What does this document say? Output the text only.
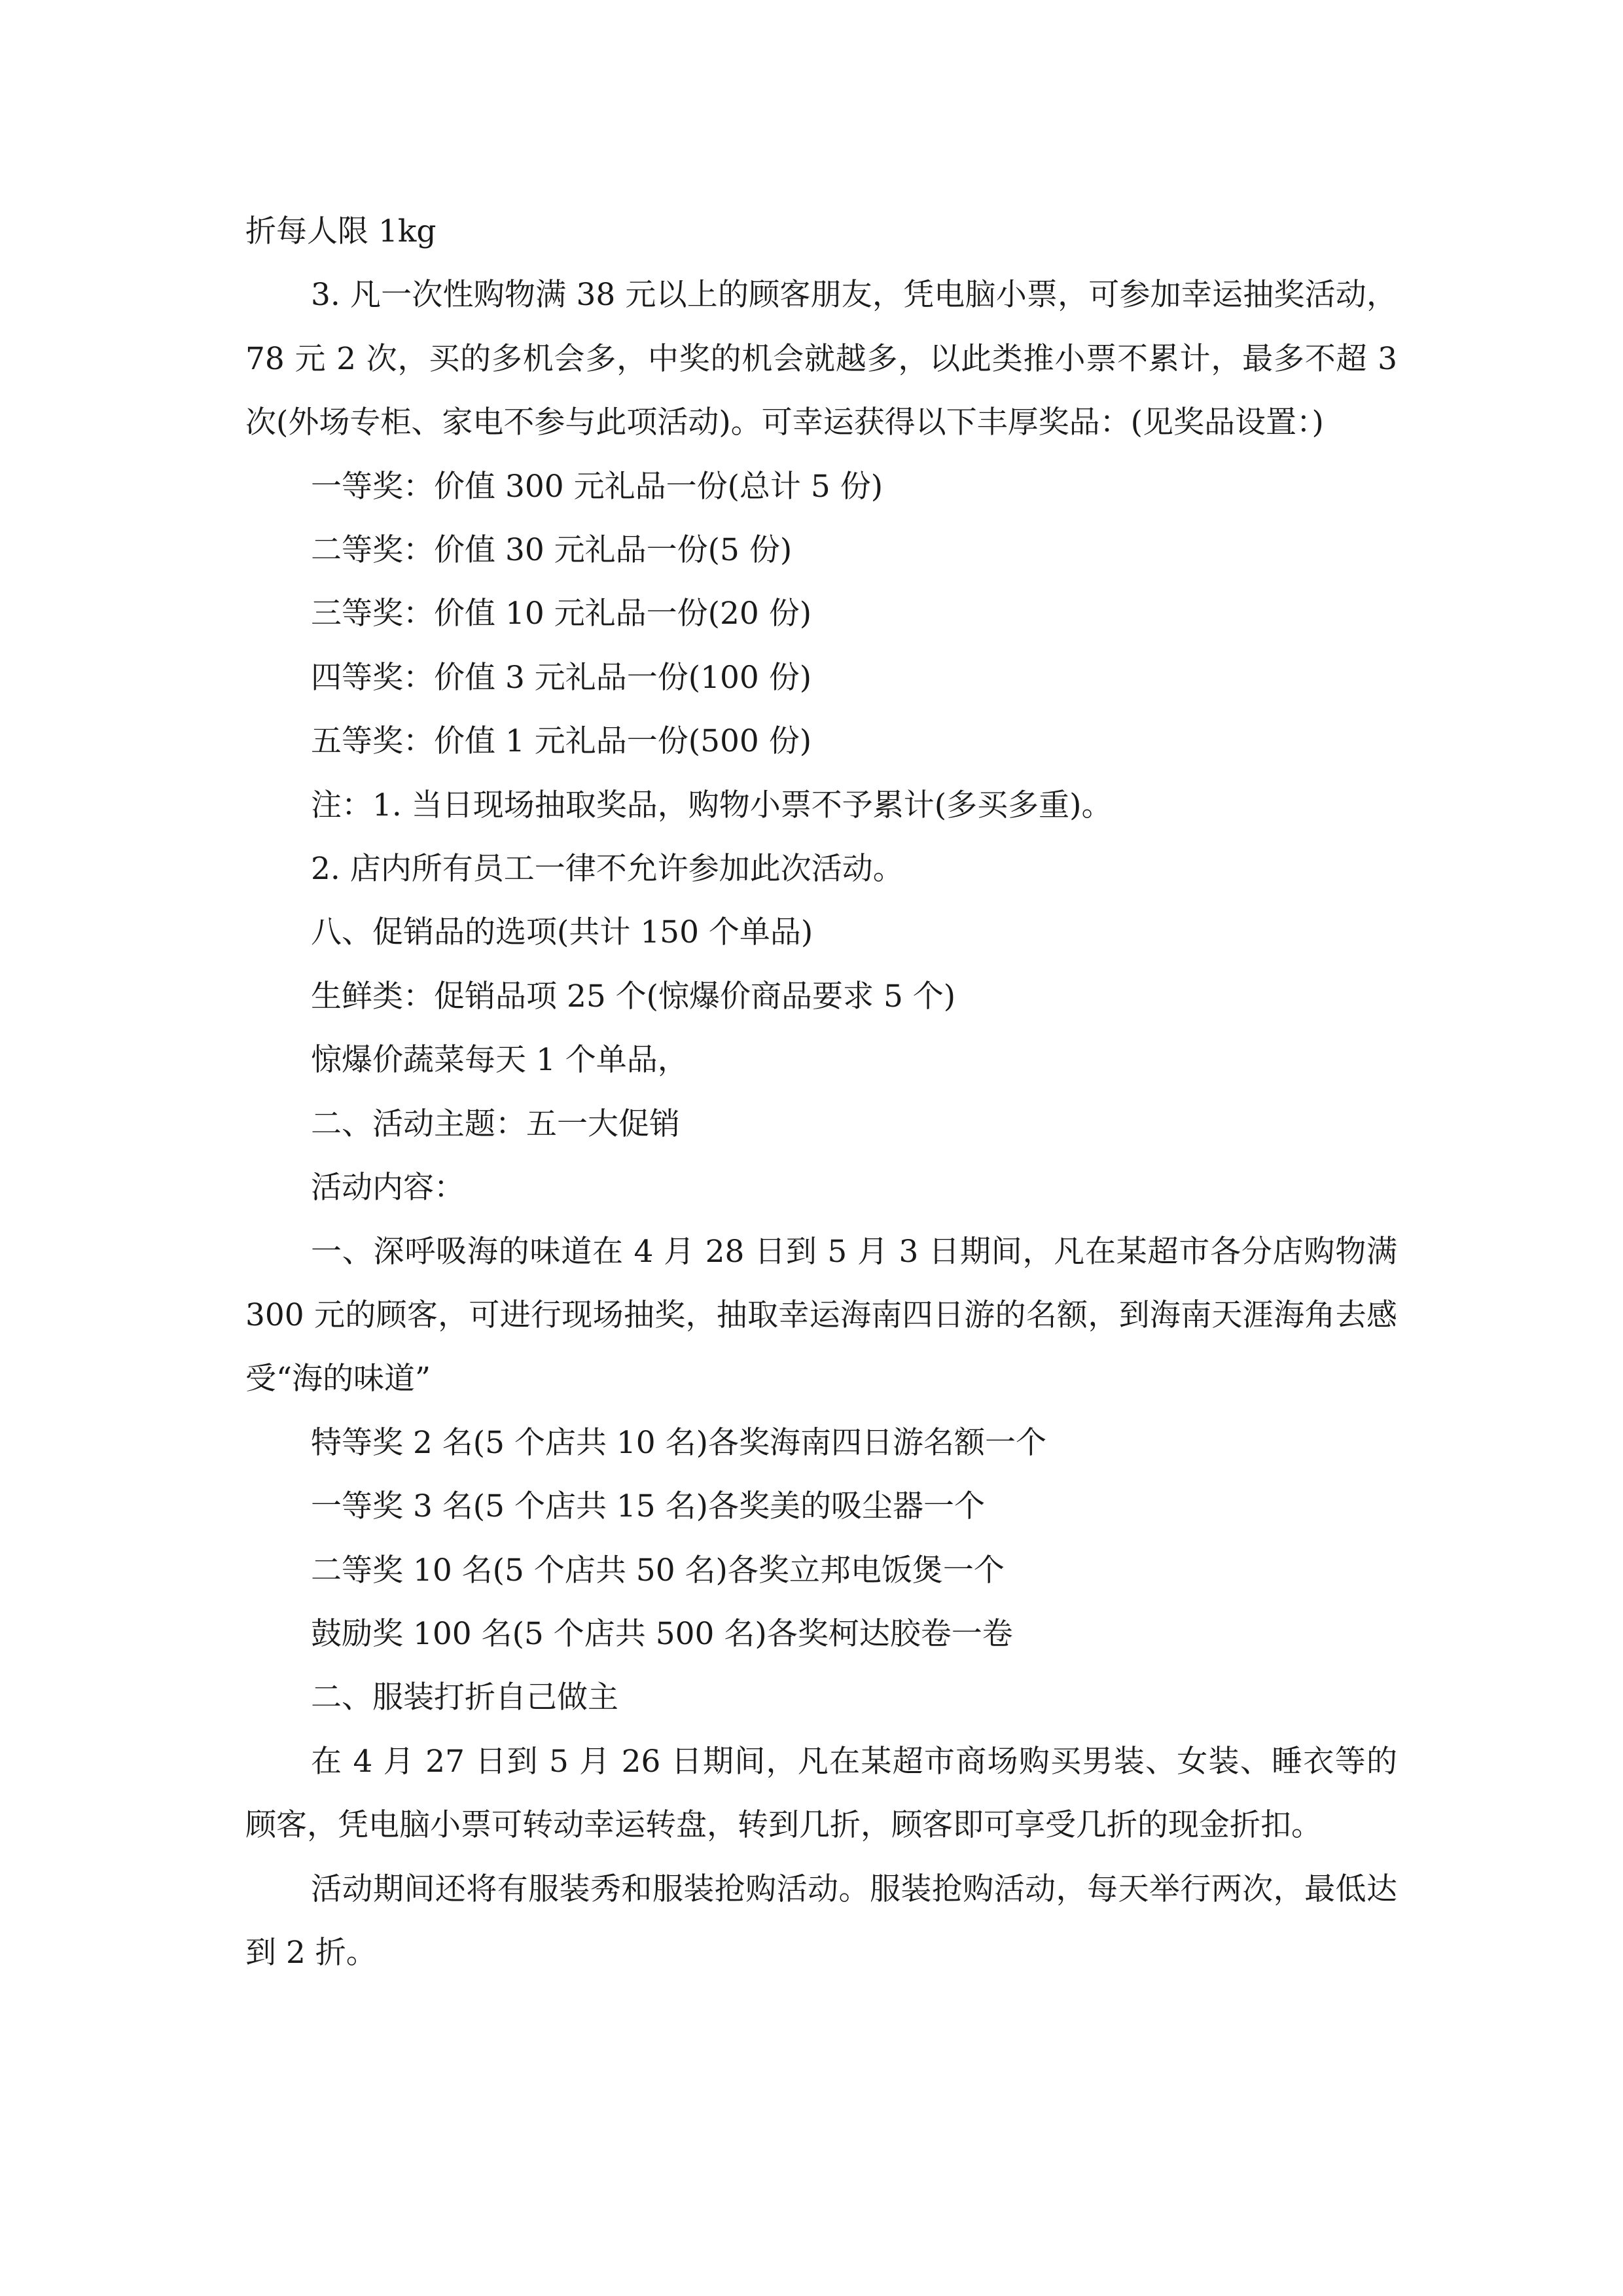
折每人限 1kg

3. 凡一次性购物满 38 元以上的顾客朋友，凭电脑小票，可参加幸运抽奖活动，78 元 2 次，买的多机会多，中奖的机会就越多，以此类推小票不累计，最多不超 3 次(外场专柜、家电不参与此项活动)。可幸运获得以下丰厚奖品：(见奖品设置：)

一等奖：价值 300 元礼品一份(总计 5 份)

二等奖：价值 30 元礼品一份(5 份)

三等奖：价值 10 元礼品一份(20 份)

四等奖：价值 3 元礼品一份(100 份)

五等奖：价值 1 元礼品一份(500 份)

注：1. 当日现场抽取奖品，购物小票不予累计(多买多重)。

2. 店内所有员工一律不允许参加此次活动。

八、促销品的选项(共计 150 个单品)

生鲜类：促销品项 25 个(惊爆价商品要求 5 个)

惊爆价蔬菜每天 1 个单品，

二、活动主题：五一大促销

活动内容：

一、深呼吸海的味道在 4 月 28 日到 5 月 3 日期间，凡在某超市各分店购物满 300 元的顾客，可进行现场抽奖，抽取幸运海南四日游的名额，到海南天涯海角去感受“海的味道”

特等奖 2 名(5 个店共 10 名)各奖海南四日游名额一个

一等奖 3 名(5 个店共 15 名)各奖美的吸尘器一个

二等奖 10 名(5 个店共 50 名)各奖立邦电饭煲一个

鼓励奖 100 名(5 个店共 500 名)各奖柯达胶卷一卷

二、服装打折自己做主

在 4 月 27 日到 5 月 26 日期间，凡在某超市商场购买男装、女装、睡衣等的顾客，凭电脑小票可转动幸运转盘，转到几折，顾客即可享受几折的现金折扣。

活动期间还将有服装秀和服装抢购活动。服装抢购活动，每天举行两次，最低达到 2 折。
